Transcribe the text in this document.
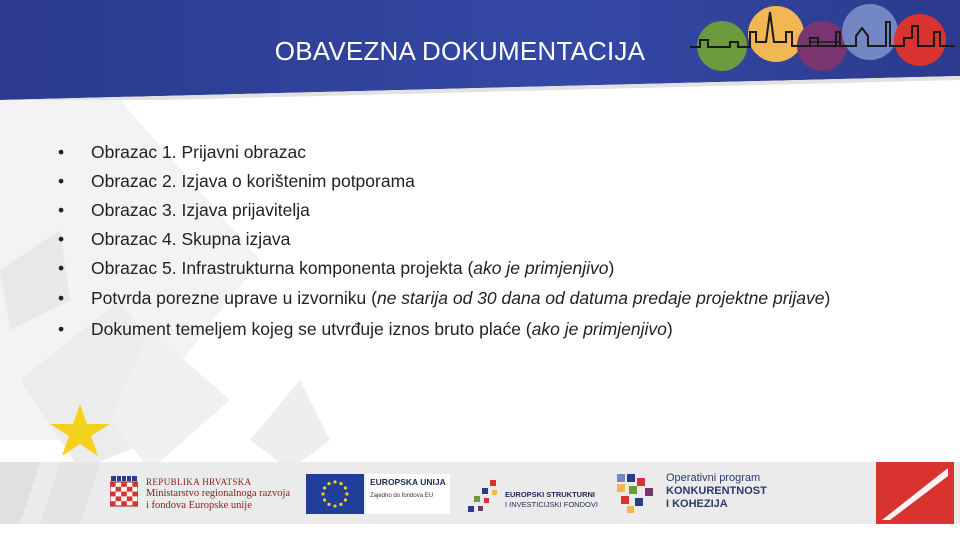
OBAVEZNA DOKUMENTACIJA
•	Obrazac 1. Prijavni obrazac
•	Obrazac 2. Izjava o korištenim potporama
•	Obrazac 3. Izjava prijavitelja
•	Obrazac 4. Skupna izjava
•	Obrazac 5. Infrastrukturna komponenta projekta (ako je primjenjivo)
•	Potvrda porezne uprave u izvorniku (ne starija od 30 dana od datuma predaje projektne prijave)
•	Dokument temeljem kojeg se utvrđuje iznos bruto plaće (ako je primjenjivo)
REPUBLIKA HRVATSKA
Ministarstvo regionalnoga razvoja
i fondova Europske unije
EUROPSKA UNIJA
Zajedno do fondova EU	EUROPSKI STRUKTURNI
I INVESTICIJSKI FONDOVI
Operativni program
KONKURENTNOST
I KOHEZIJA
